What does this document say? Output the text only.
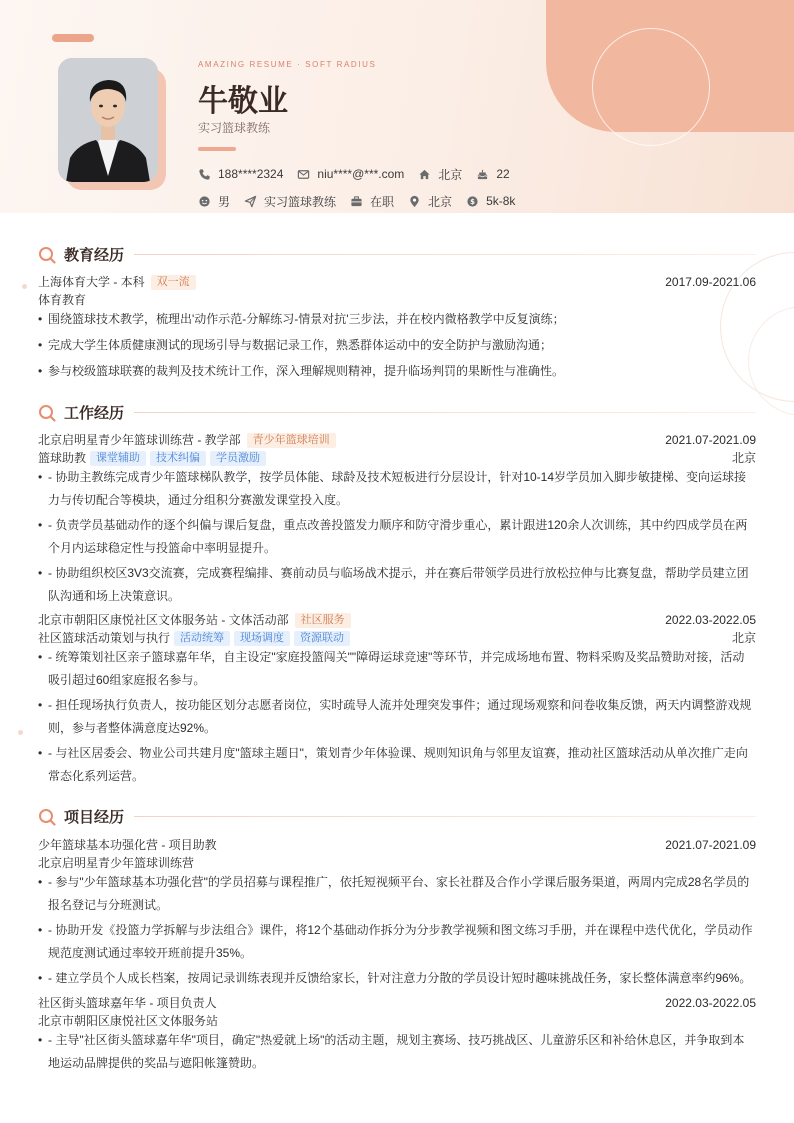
AMAZING RESUME · SOFT RADIUS
牛敬业
实习篮球教练
188****2324	niu****@***.com	北京	22
男	实习篮球教练	在职	北京 $ 5k-8k
教育经历
上海体育大学 - 本科 双一流	2017.09-2021.06
体育教育
• 围绕篮球技术教学，梳理出'动作示范-分解练习-情景对抗'三步法，并在校内微格教学中反复演练；
• 完成大学生体质健康测试的现场引导与数据记录工作，熟悉群体运动中的安全防护与激励沟通；
• 参与校级篮球联赛的裁判及技术统计工作，深入理解规则精神，提升临场判罚的果断性与准确性。
工作经历
北京启明星青少年篮球训练营 - 教学部 青少年篮球培训	2021.07-2021.09
篮球助教 课堂辅助 技术纠偏 学员激励	北京
• - 协助主教练完成青少年篮球梯队教学，按学员体能、球龄及技术短板进行分层设计，针对10-14岁学员加入脚步敏捷梯、变向运球接力与传切配合等模块，通过分组积分赛激发课堂投入度。
• - 负责学员基础动作的逐个纠偏与课后复盘，重点改善投篮发力顺序和防守滑步重心，累计跟进120余人次训练，其中约四成学员在两个月内运球稳定性与投篮命中率明显提升。
• - 协助组织校区3V3交流赛，完成赛程编排、赛前动员与临场战术提示，并在赛后带领学员进行放松拉伸与比赛复盘，帮助学员建立团队沟通和场上决策意识。
北京市朝阳区康悦社区文体服务站 - 文体活动部 社区服务	2022.03-2022.05
社区篮球活动策划与执行 活动统筹 现场调度 资源联动	北京
• - 统筹策划社区亲子篮球嘉年华，自主设定"家庭投篮闯关""障碍运球竞速"等环节，并完成场地布置、物料采购及奖品赞助对接，活动吸引超过60组家庭报名参与。
• - 担任现场执行负责人，按功能区划分志愿者岗位，实时疏导人流并处理突发事件；通过现场观察和问卷收集反馈，两天内调整游戏规则，参与者整体满意度达92%。
• - 与社区居委会、物业公司共建月度"篮球主题日"，策划青少年体验课、规则知识角与邻里友谊赛，推动社区篮球活动从单次推广走向常态化系列运营。
项目经历
少年篮球基本功强化营 - 项目助教	2021.07-2021.09
北京启明星青少年篮球训练营
• - 参与"少年篮球基本功强化营"的学员招募与课程推广，依托短视频平台、家长社群及合作小学课后服务渠道，两周内完成28名学员的报名登记与分班测试。
• - 协助开发《投篮力学拆解与步法组合》课件，将12个基础动作拆分为分步教学视频和图文练习手册，并在课程中迭代优化，学员动作规范度测试通过率较开班前提升35%。
• - 建立学员个人成长档案，按周记录训练表现并反馈给家长，针对注意力分散的学员设计短时趣味挑战任务，家长整体满意率约96%。
社区街头篮球嘉年华 - 项目负责人	2022.03-2022.05
北京市朝阳区康悦社区文体服务站
• - 主导"社区街头篮球嘉年华"项目，确定"热爱就上场"的活动主题，规划主赛场、技巧挑战区、儿童游乐区和补给休息区，并争取到本地运动品牌提供的奖品与遮阳帐篷赞助。
